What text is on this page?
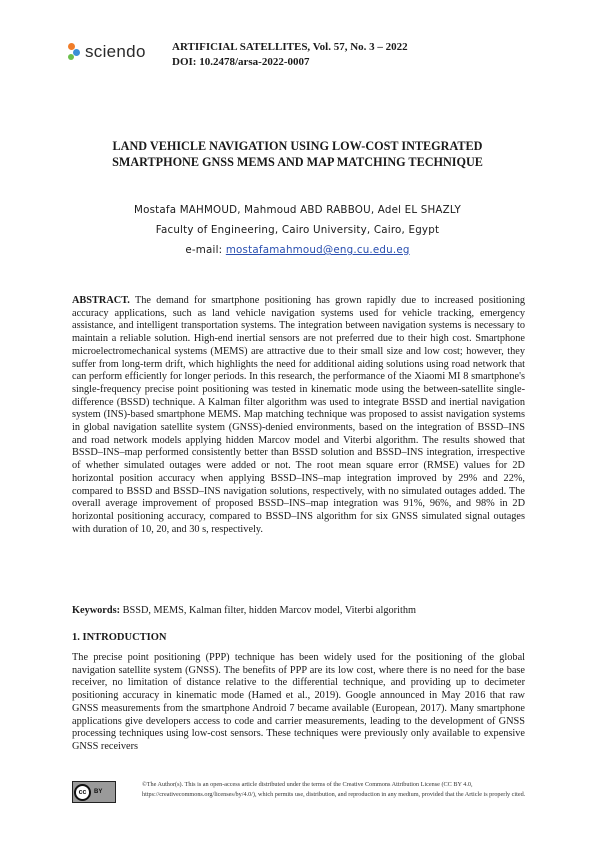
sciendo ARTIFICIAL SATELLITES, Vol. 57, No. 3 – 2022
DOI: 10.2478/arsa-2022-0007
LAND VEHICLE NAVIGATION USING LOW-COST INTEGRATED
SMARTPHONE GNSS MEMS AND MAP MATCHING TECHNIQUE
Mostafa MAHMOUD, Mahmoud ABD RABBOU, Adel EL SHAZLY
Faculty of Engineering, Cairo University, Cairo, Egypt
e-mail: mostafamahmoud@eng.cu.edu.eg
ABSTRACT. The demand for smartphone positioning has grown rapidly due to increased positioning accuracy applications, such as land vehicle navigation systems used for vehicle tracking, emergency assistance, and intelligent transportation systems. The integration between navigation systems is necessary to maintain a reliable solution. High-end inertial sensors are not preferred due to their high cost. Smartphone microelectromechanical systems (MEMS) are attractive due to their small size and low cost; however, they suffer from long-term drift, which highlights the need for additional aiding solutions using road network that can perform efficiently for longer periods. In this research, the performance of the Xiaomi MI 8 smartphone's single-frequency precise point positioning was tested in kinematic mode using the between-satellite single-difference (BSSD) technique. A Kalman filter algorithm was used to integrate BSSD and inertial navigation system (INS)-based smartphone MEMS. Map matching technique was proposed to assist navigation systems in global navigation satellite system (GNSS)-denied environments, based on the integration of BSSD–INS and road network models applying hidden Marcov model and Viterbi algorithm. The results showed that BSSD–INS–map performed consistently better than BSSD solution and BSSD–INS integration, irrespective of whether simulated outages were added or not. The root mean square error (RMSE) values for 2D horizontal position accuracy when applying BSSD–INS–map integration improved by 29% and 22%, compared to BSSD and BSSD–INS navigation solutions, respectively, with no simulated outages added. The overall average improvement of proposed BSSD–INS–map integration was 91%, 96%, and 98% in 2D horizontal positioning accuracy, compared to BSSD–INS algorithm for six GNSS simulated signal outages with duration of 10, 20, and 30 s, respectively.
Keywords: BSSD, MEMS, Kalman filter, hidden Marcov model, Viterbi algorithm
1. INTRODUCTION
The precise point positioning (PPP) technique has been widely used for the positioning of the global navigation satellite system (GNSS). The benefits of PPP are its low cost, where there is no need for the base receiver, no limitation of distance relative to the differential technique, and providing up to decimeter positioning accuracy in kinematic mode (Hamed et al., 2019). Google announced in May 2016 that raw GNSS measurements from the smartphone Android 7 became available (European, 2017). Many smartphone applications give developers access to code and carrier measurements, leading to the development of GNSS processing techniques using low-cost sensors. These techniques were previously only available to expensive GNSS receivers
cc	BY
©The Author(s). This is an open-access article distributed under the terms of the Creative Commons Attribution License (CC BY 4.0, https://creativecommons.org/licenses/by/4.0/), which permits use, distribution, and reproduction in any medium, provided that the Article is properly cited.
